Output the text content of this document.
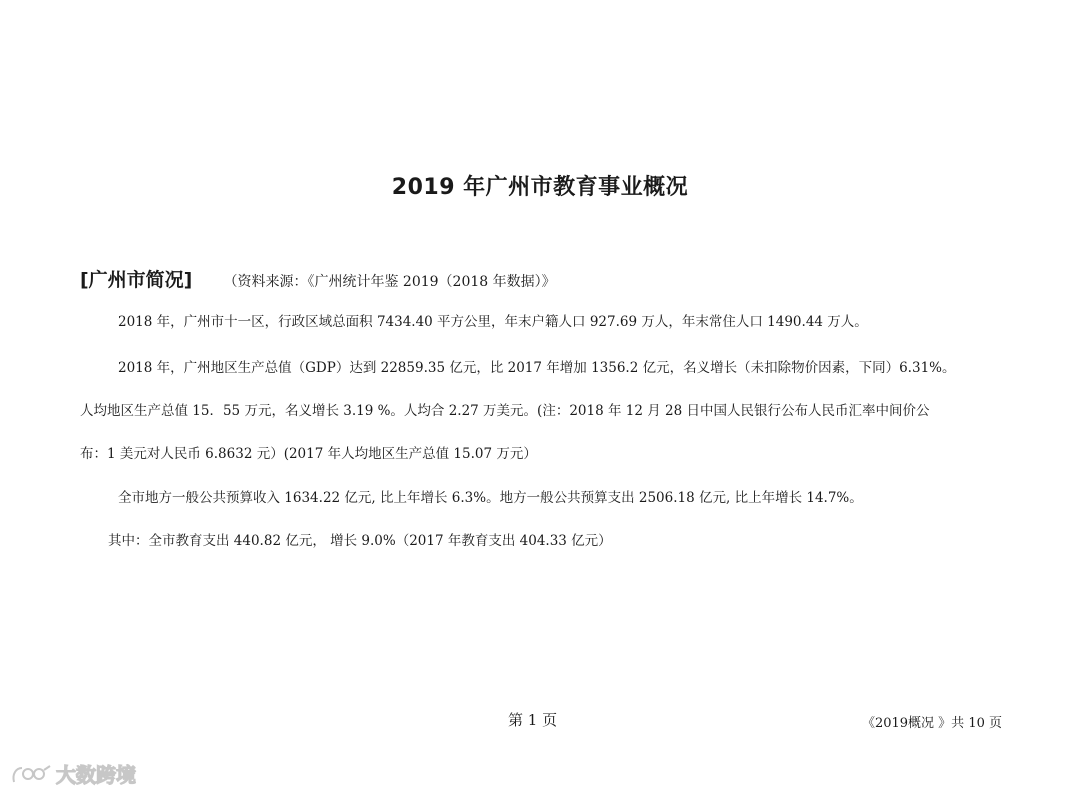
2019 年广州市教育事业概况
[广州市简况] （资料来源：《广州统计年鉴 2019（2018 年数据）》
2018 年，广州市十一区，行政区域总面积 7434.40 平方公里，年末户籍人口 927.69 万人，年末常住人口 1490.44 万人。
2018 年，广州地区生产总值（GDP）达到 22859.35 亿元，比 2017 年增加 1356.2 亿元，名义增长（未扣除物价因素，下同）6.31%。
人均地区生产总值 15．55 万元，名义增长 3.19 %。人均合 2.27 万美元。(注：2018 年 12 月 28 日中国人民银行公布人民币汇率中间价公
布：1 美元对人民币 6.8632 元）(2017 年人均地区生产总值 15.07 万元）
全市地方一般公共预算收入 1634.22 亿元, 比上年增长 6.3%。地方一般公共预算支出 2506.18 亿元, 比上年增长 14.7%。
其中：全市教育支出 440.82 亿元， 增长 9.0%（2017 年教育支出 404.33 亿元）
第 1 页	《2019概况 》共 10 页
大数跨境
